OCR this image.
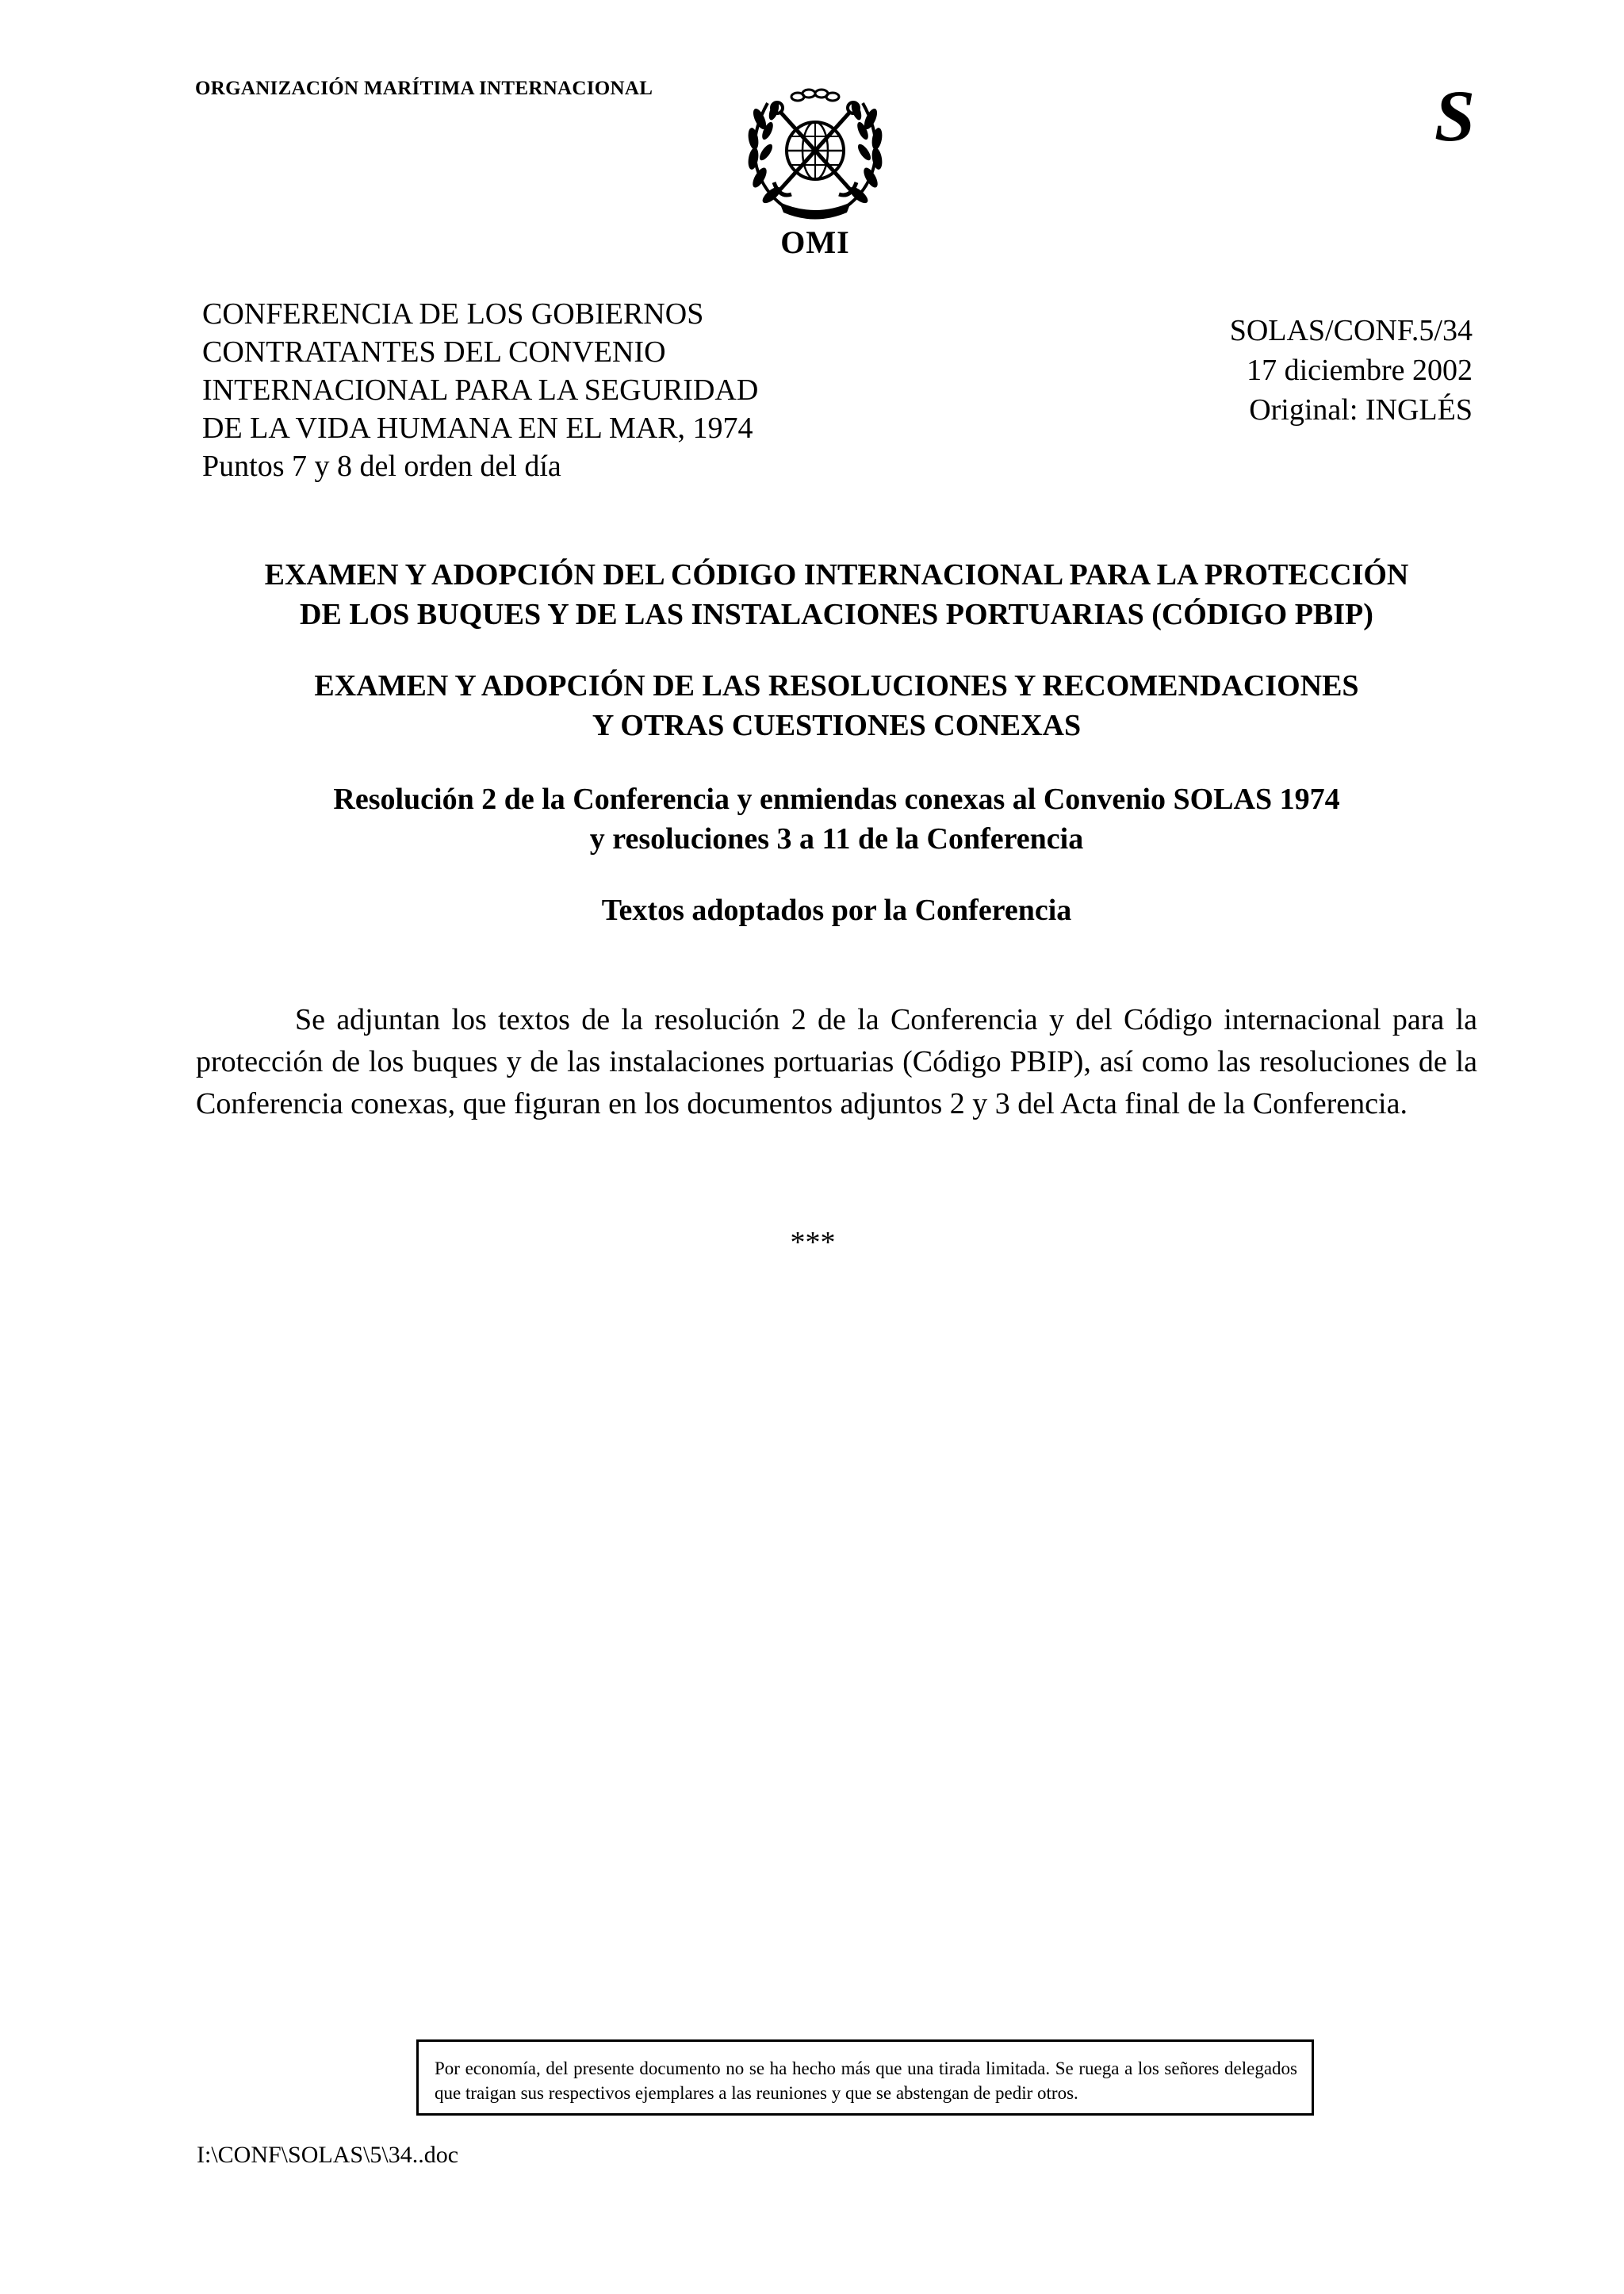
ORGANIZACIÓN MARÍTIMA INTERNACIONAL
OMI
S
CONFERENCIA DE LOS GOBIERNOS
CONTRATANTES DEL CONVENIO
INTERNACIONAL PARA LA SEGURIDAD
DE LA VIDA HUMANA EN EL MAR, 1974
Puntos 7 y 8 del orden del día
SOLAS/CONF.5/34
17 diciembre 2002
Original: INGLÉS
EXAMEN Y ADOPCIÓN DEL CÓDIGO INTERNACIONAL PARA LA PROTECCIÓN
DE LOS BUQUES Y DE LAS INSTALACIONES PORTUARIAS (CÓDIGO PBIP)
EXAMEN Y ADOPCIÓN DE LAS RESOLUCIONES Y RECOMENDACIONES
Y OTRAS CUESTIONES CONEXAS
Resolución 2 de la Conferencia y enmiendas conexas al Convenio SOLAS 1974
y resoluciones 3 a 11 de la Conferencia
Textos adoptados por la Conferencia
Se adjuntan los textos de la resolución 2 de la Conferencia y del Código internacional para la protección de los buques y de las instalaciones portuarias (Código PBIP), así como las resoluciones de la Conferencia conexas, que figuran en los documentos adjuntos 2 y 3 del Acta final de la Conferencia.
***
Por economía, del presente documento no se ha hecho más que una tirada limitada. Se ruega a los señores delegados que traigan sus respectivos ejemplares a las reuniones y que se abstengan de pedir otros.
I:\CONF\SOLAS\5\34..doc
